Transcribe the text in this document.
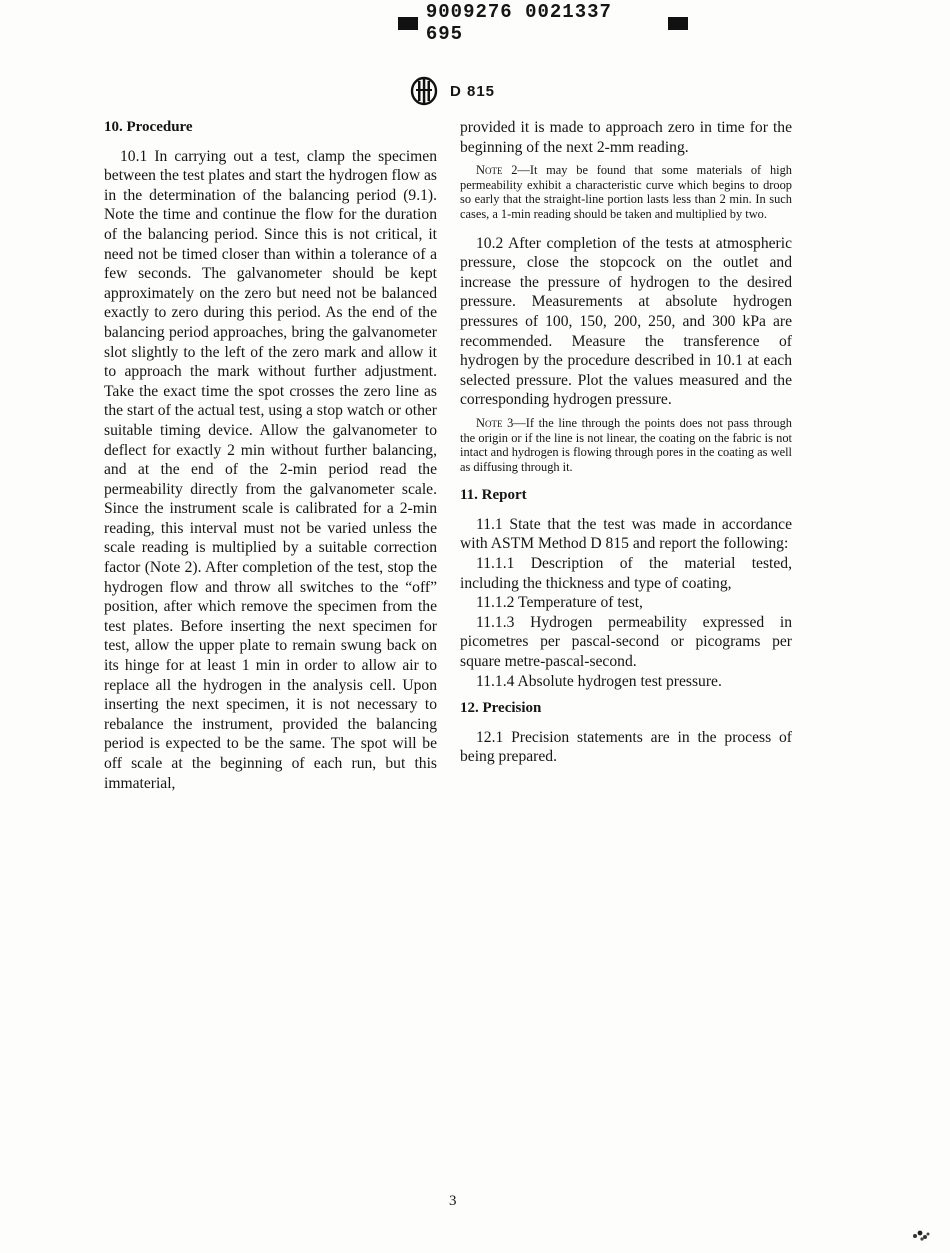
9009276 0021337 695
D 815
10. Procedure

10.1 In carrying out a test, clamp the specimen between the test plates and start the hydrogen flow as in the determination of the balancing period (9.1). Note the time and continue the flow for the duration of the balancing period. Since this is not critical, it need not be timed closer than within a tolerance of a few seconds. The galvanometer should be kept approximately on the zero but need not be balanced exactly to zero during this period. As the end of the balancing period approaches, bring the galvanometer slot slightly to the left of the zero mark and allow it to approach the mark without further adjustment. Take the exact time the spot crosses the zero line as the start of the actual test, using a stop watch or other suitable timing device. Allow the galvanometer to deflect for exactly 2 min without further balancing, and at the end of the 2-min period read the permeability directly from the galvanometer scale. Since the instrument scale is calibrated for a 2-min reading, this interval must not be varied unless the scale reading is multiplied by a suitable correction factor (Note 2). After completion of the test, stop the hydrogen flow and throw all switches to the “off” position, after which remove the specimen from the test plates. Before inserting the next specimen for test, allow the upper plate to remain swung back on its hinge for at least 1 min in order to allow air to replace all the hydrogen in the analysis cell. Upon inserting the next specimen, it is not necessary to rebalance the instrument, provided the balancing period is expected to be the same. The spot will be off scale at the beginning of each run, but this immaterial,

provided it is made to approach zero in time for the beginning of the next 2-mm reading.

Note 2—It may be found that some materials of high permeability exhibit a characteristic curve which begins to droop so early that the straight-line portion lasts less than 2 min. In such cases, a 1-min reading should be taken and multiplied by two.

10.2 After completion of the tests at atmospheric pressure, close the stopcock on the outlet and increase the pressure of hydrogen to the desired pressure. Measurements at absolute hydrogen pressures of 100, 150, 200, 250, and 300 kPa are recommended. Measure the transference of hydrogen by the procedure described in 10.1 at each selected pressure. Plot the values measured and the corresponding hydrogen pressure.

Note 3—If the line through the points does not pass through the origin or if the line is not linear, the coating on the fabric is not intact and hydrogen is flowing through pores in the coating as well as diffusing through it.

11. Report

11.1 State that the test was made in accordance with ASTM Method D 815 and report the following:

11.1.1 Description of the material tested, including the thickness and type of coating,

11.1.2 Temperature of test,

11.1.3 Hydrogen permeability expressed in picometres per pascal-second or picograms per square metre-pascal-second.

11.1.4 Absolute hydrogen test pressure.

12. Precision

12.1 Precision statements are in the process of being prepared.

3
